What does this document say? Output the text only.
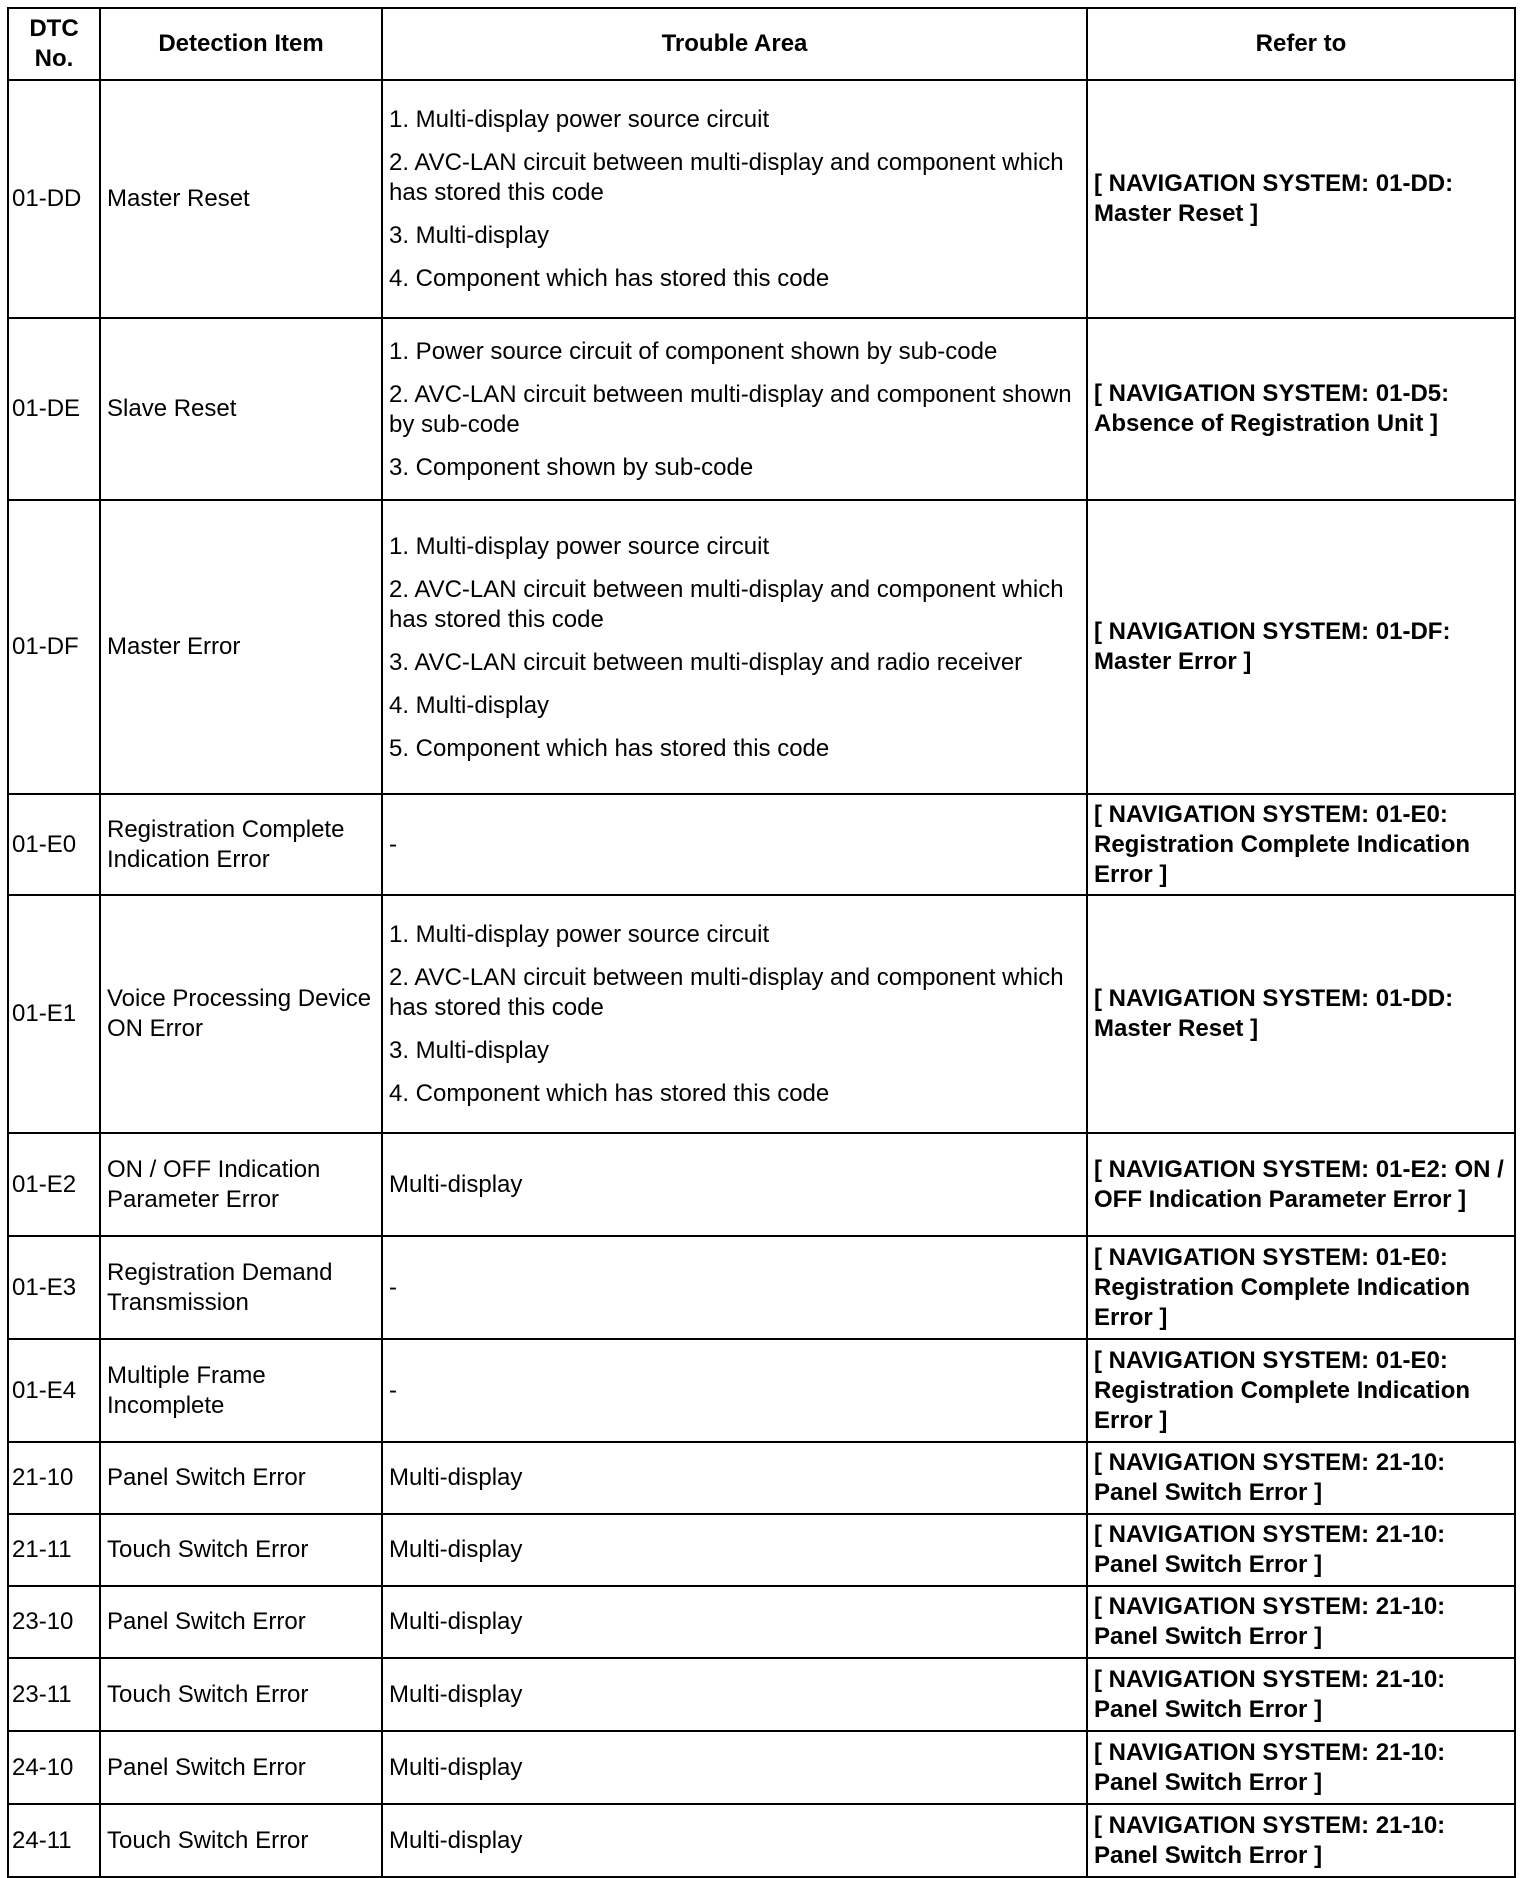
DTC No.	Detection Item	Trouble Area	Refer to
01-DD	Master Reset	1. Multi-display power source circuit
2. AVC-LAN circuit between multi-display and component which has stored this code
3. Multi-display
4. Component which has stored this code	[ NAVIGATION SYSTEM: 01-DD: Master Reset ]
01-DE	Slave Reset	1. Power source circuit of component shown by sub-code
2. AVC-LAN circuit between multi-display and component shown by sub-code
3. Component shown by sub-code	[ NAVIGATION SYSTEM: 01-D5: Absence of Registration Unit ]
01-DF	Master Error	1. Multi-display power source circuit
2. AVC-LAN circuit between multi-display and component which has stored this code
3. AVC-LAN circuit between multi-display and radio receiver
4. Multi-display
5. Component which has stored this code	[ NAVIGATION SYSTEM: 01-DF: Master Error ]
01-E0	Registration Complete Indication Error	-	[ NAVIGATION SYSTEM: 01-E0: Registration Complete Indication Error ]
01-E1	Voice Processing Device ON Error	1. Multi-display power source circuit
2. AVC-LAN circuit between multi-display and component which has stored this code
3. Multi-display
4. Component which has stored this code	[ NAVIGATION SYSTEM: 01-DD: Master Reset ]
01-E2	ON / OFF Indication Parameter Error	Multi-display	[ NAVIGATION SYSTEM: 01-E2: ON / OFF Indication Parameter Error ]
01-E3	Registration Demand Transmission	-	[ NAVIGATION SYSTEM: 01-E0: Registration Complete Indication Error ]
01-E4	Multiple Frame Incomplete	-	[ NAVIGATION SYSTEM: 01-E0: Registration Complete Indication Error ]
21-10	Panel Switch Error	Multi-display	[ NAVIGATION SYSTEM: 21-10: Panel Switch Error ]
21-11	Touch Switch Error	Multi-display	[ NAVIGATION SYSTEM: 21-10: Panel Switch Error ]
23-10	Panel Switch Error	Multi-display	[ NAVIGATION SYSTEM: 21-10: Panel Switch Error ]
23-11	Touch Switch Error	Multi-display	[ NAVIGATION SYSTEM: 21-10: Panel Switch Error ]
24-10	Panel Switch Error	Multi-display	[ NAVIGATION SYSTEM: 21-10: Panel Switch Error ]
24-11	Touch Switch Error	Multi-display	[ NAVIGATION SYSTEM: 21-10: Panel Switch Error ]
